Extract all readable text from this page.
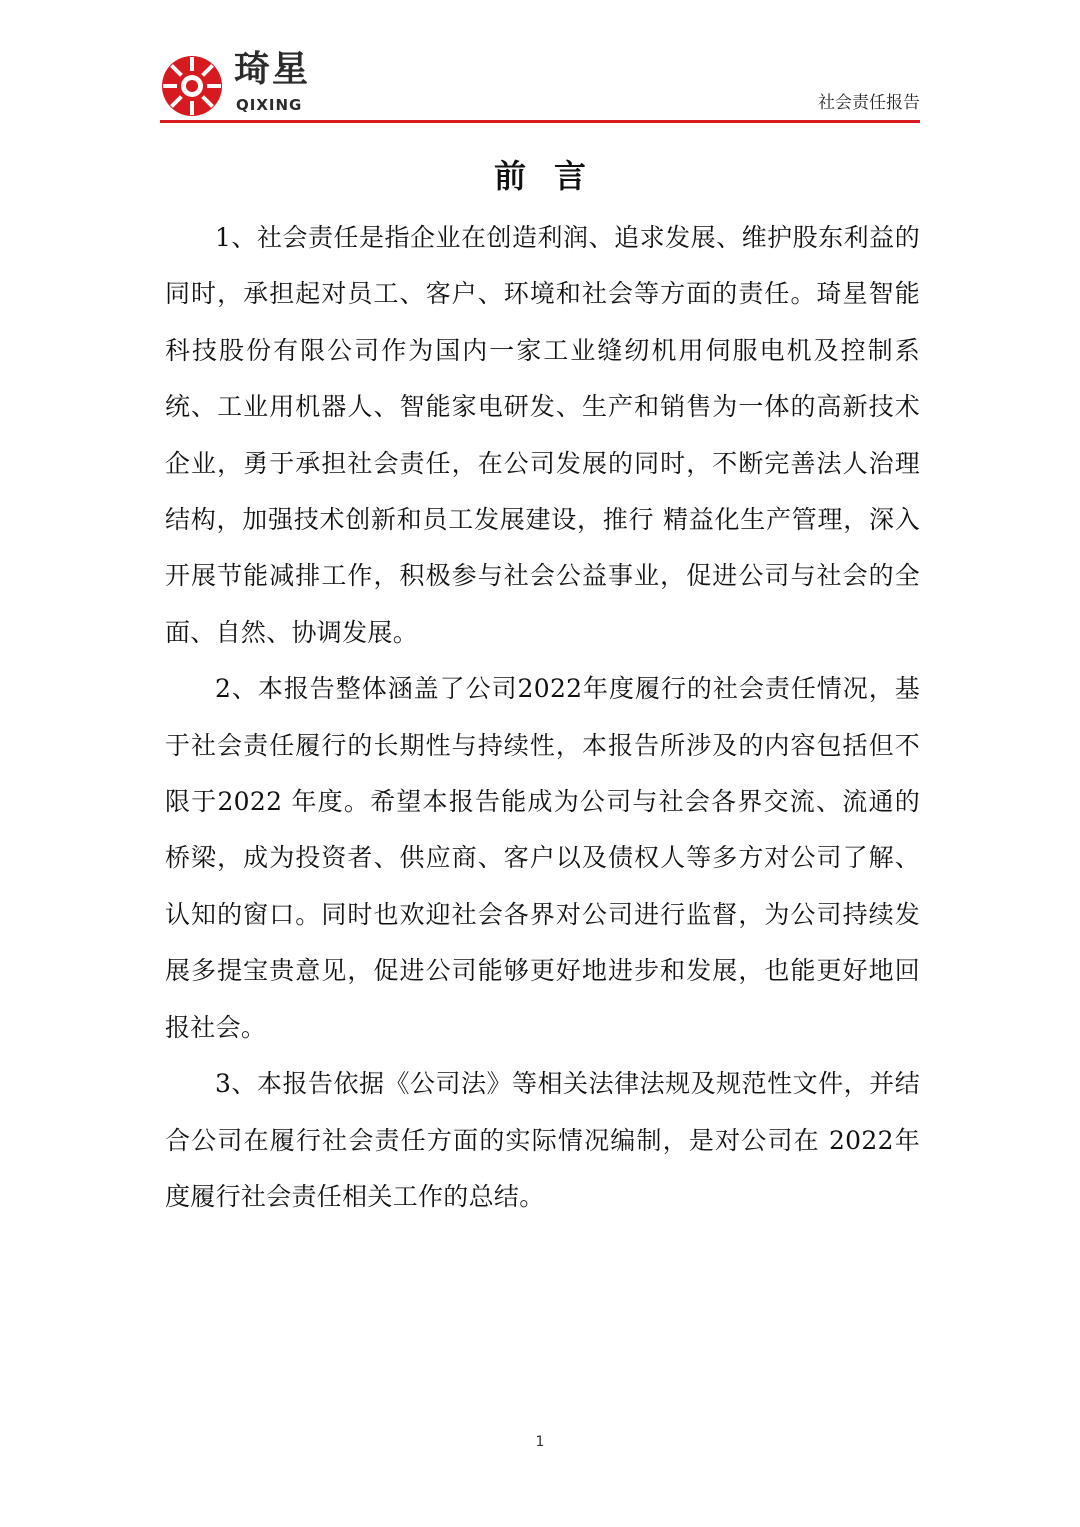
琦星
QIXING	社会责任报告
前言

1、社会责任是指企业在创造利润、追求发展、维护股东利益的同时，承担起对员工、客户、环境和社会等方面的责任。琦星智能科技股份有限公司作为国内一家工业缝纫机用伺服电机及控制系统、工业用机器人、智能家电研发、生产和销售为一体的高新技术企业，勇于承担社会责任，在公司发展的同时，不断完善法人治理结构，加强技术创新和员工发展建设，推行 精益化生产管理，深入开展节能减排工作，积极参与社会公益事业，促进公司与社会的全面、自然、协调发展。

2、本报告整体涵盖了公司2022年度履行的社会责任情况，基于社会责任履行的长期性与持续性，本报告所涉及的内容包括但不限于2022 年度。希望本报告能成为公司与社会各界交流、流通的桥梁，成为投资者、供应商、客户以及债权人等多方对公司了解、认知的窗口。同时也欢迎社会各界对公司进行监督，为公司持续发展多提宝贵意见，促进公司能够更好地进步和发展，也能更好地回报社会。

3、本报告依据《公司法》等相关法律法规及规范性文件，并结合公司在履行社会责任方面的实际情况编制，是对公司在 2022年度履行社会责任相关工作的总结。

1
